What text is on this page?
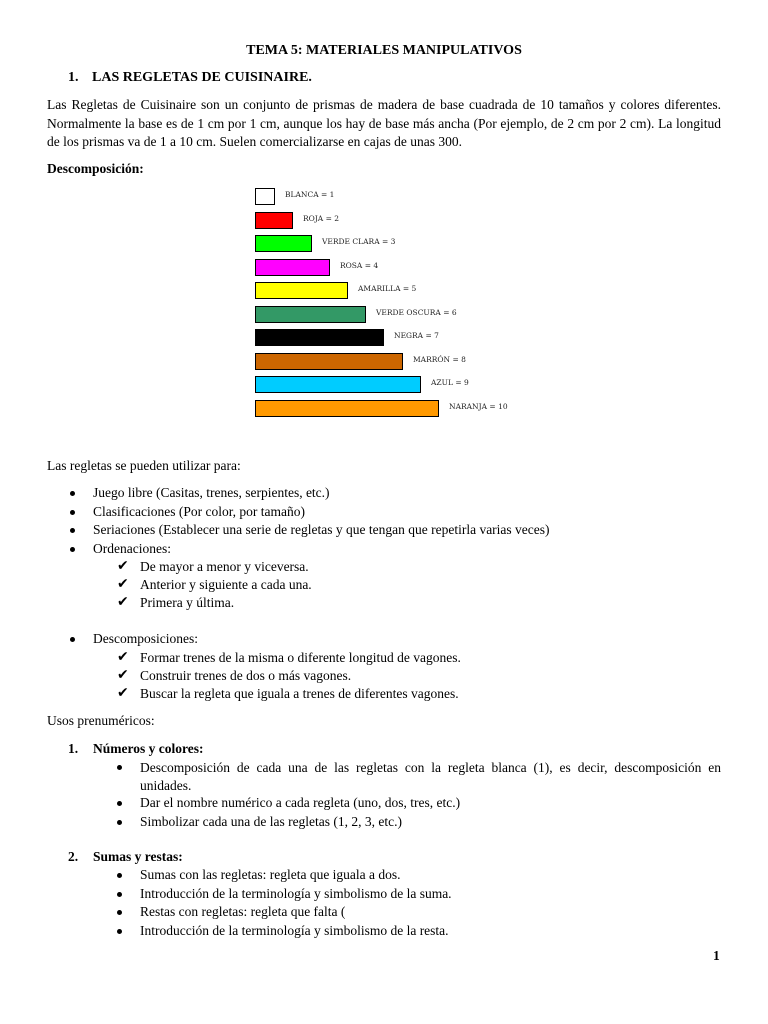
TEMA 5: MATERIALES MANIPULATIVOS
1. LAS REGLETAS DE CUISINAIRE.
Las Regletas de Cuisinaire son un conjunto de prismas de madera de base cuadrada de 10 tamaños y colores diferentes. Normalmente la base es de 1 cm por 1 cm, aunque los hay de base más ancha (Por ejemplo, de 2 cm por 2 cm). La longitud de los prismas va de 1 a 10 cm. Suelen comercializarse en cajas de unas 300.
Descomposición:
BLANCA = 1
ROJA = 2
VERDE CLARA = 3
ROSA = 4
AMARILLA = 5
VERDE OSCURA = 6
NEGRA = 7
MARRÓN = 8
AZUL = 9
NARANJA = 10
Las regletas se pueden utilizar para:
Juego libre (Casitas, trenes, serpientes, etc.)
Clasificaciones (Por color, por tamaño)
Seriaciones (Establecer una serie de regletas y que tengan que repetirla varias veces)
Ordenaciones:
✔ De mayor a menor y viceversa.
✔ Anterior y siguiente a cada una.
✔ Primera y última.
Descomposiciones:
✔ Formar trenes de la misma o diferente longitud de vagones.
✔ Construir trenes de dos o más vagones.
✔ Buscar la regleta que iguala a trenes de diferentes vagones.
Usos prenuméricos:
1. Números y colores:
Descomposición de cada una de las regletas con la regleta blanca (1), es decir, descomposición en unidades.
Dar el nombre numérico a cada regleta (uno, dos, tres, etc.)
Simbolizar cada una de las regletas (1, 2, 3, etc.)
2. Sumas y restas:
Sumas con las regletas: regleta que iguala a dos.
Introducción de la terminología y simbolismo de la suma.
Restas con regletas: regleta que falta (
Introducción de la terminología y simbolismo de la resta.
1
